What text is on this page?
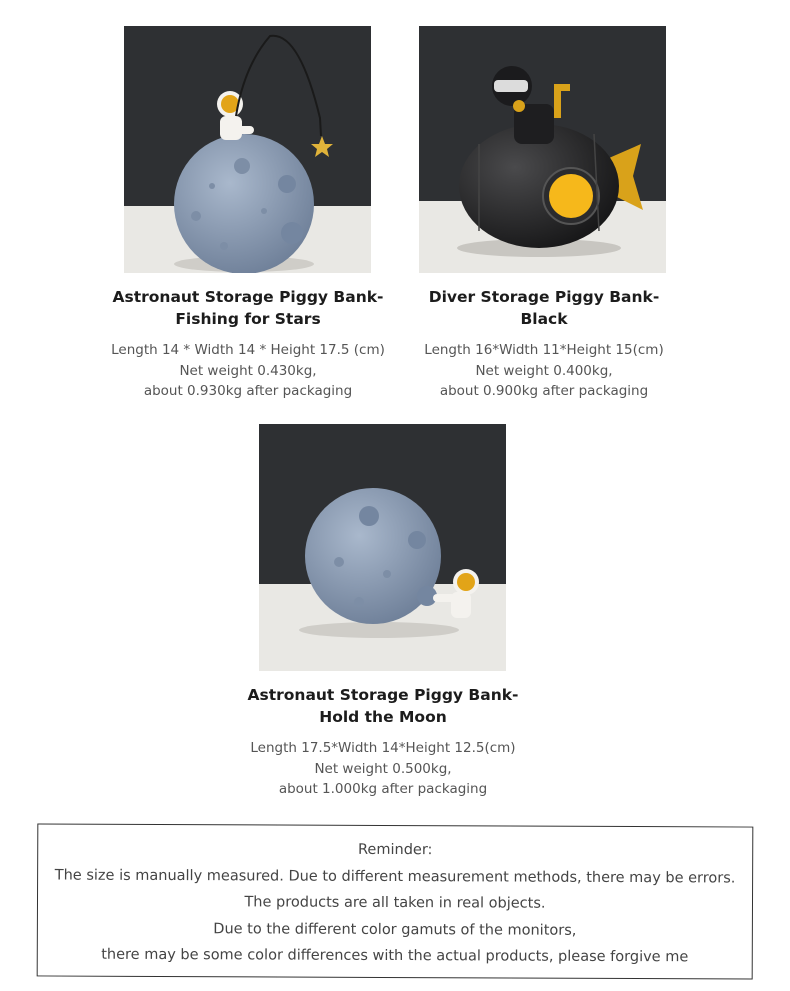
Astronaut Storage Piggy Bank-
Fishing for Stars
Length 14 * Width 14 * Height 17.5 (cm)
Net weight 0.430kg,
about 0.930kg after packaging
Diver Storage Piggy Bank-
Black
Length 16*Width 11*Height 15(cm)
Net weight 0.400kg,
about 0.900kg after packaging
Astronaut Storage Piggy Bank-
Hold the Moon
Length 17.5*Width 14*Height 12.5(cm)
Net weight 0.500kg,
about 1.000kg after packaging
Reminder:
The size is manually measured. Due to different measurement methods, there may be errors.
The products are all taken in real objects.
Due to the different color gamuts of the monitors,
there may be some color differences with the actual products, please forgive me
